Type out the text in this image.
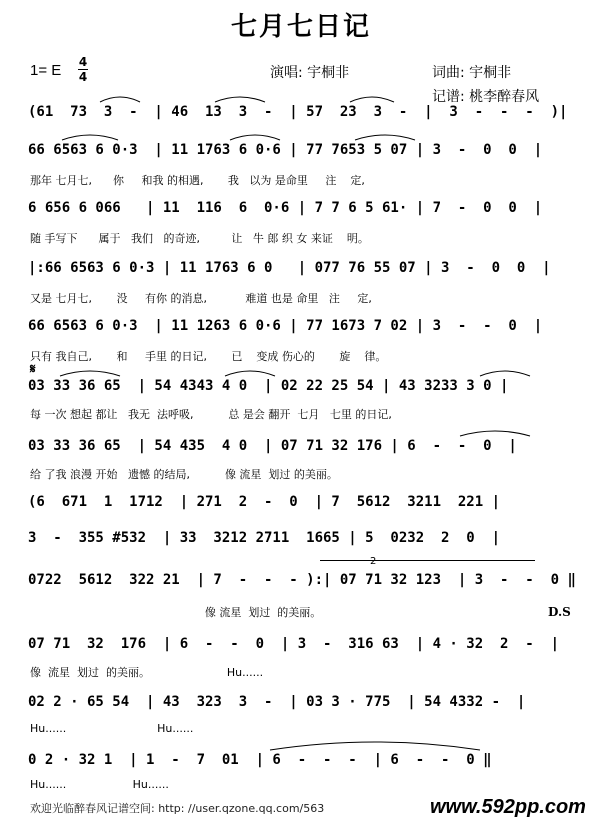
七月七日记
1= E 4
4	演唱: 宇桐非	词曲: 宇桐非
记谱: 桃李醉春风
(61  73  3  -  | 46  13  3  -  | 57  23  3  -  |  3  -  -  -  )|
66 6563 6 0·3  | 11 1763 6 0·6 | 77 7653 5 07 | 3  -  0  0  |
那年 七月七,      你     和我 的相遇,       我   以为 是命里     注    定,
6 656 6 066   | 11  116  6  0·6 | 7 7 6 5 61· | 7  -  0  0  |
随 手写下      属于   我们   的奇迹,         让   牛 郎 织 女 来证    明。
|:66 6563 6 0·3 | 11 1763 6 0   | 077 76 55 07 | 3  -  0  0  |
又是 七月七,       没     有你 的消息,           难道 也是 命里   注     定,
66 6563 6 0·3  | 11 1263 6 0·6 | 77 1673 7 02 | 3  -  -  0  |
只有 我自己,       和     手里 的日记,       已    变成 伤心的       旋    律。
𝄋
03 33 36 65  | 54 4343 4 0  | 02 22 25 54 | 43 3233 3 0 |
每 一次 想起 都让   我无  法呼吸,          总 是会 翻开  七月   七里 的日记,
03 33 36 65  | 54 435  4 0  | 07 71 32 176 | 6  -  -  0  |
给 了我 浪漫 开始   遗憾 的结局,          像 流星  划过 的美丽。
(6  671  1  1712  | 271  2  -  0  | 7  5612  3211  221 |
3  -  355 #532  | 33  3212 2711  1665 | 5  0232  2  0  |
0722  5612  322 21  | 7  -  -  - ):| 07 71 32 123  | 3  -  -  0 ‖
像 流星  划过  的美丽。	D.S
2
07 71  32  176  | 6  -  -  0  | 3  -  316 63  | 4 · 32  2  -  |
像  流星  划过  的美丽。                      Hu......
02 2 · 65 54  | 43  323  3  -  | 03 3 · 775  | 54 4332 -  |
Hu......                          Hu......
0 2 · 32 1  | 1  -  7  01  | 6  -  -  -  | 6  -  -  0 ‖
Hu......                   Hu......
欢迎光临醉春风记谱空间: http: //user.qzone.qq.com/563	www.592pp.com
